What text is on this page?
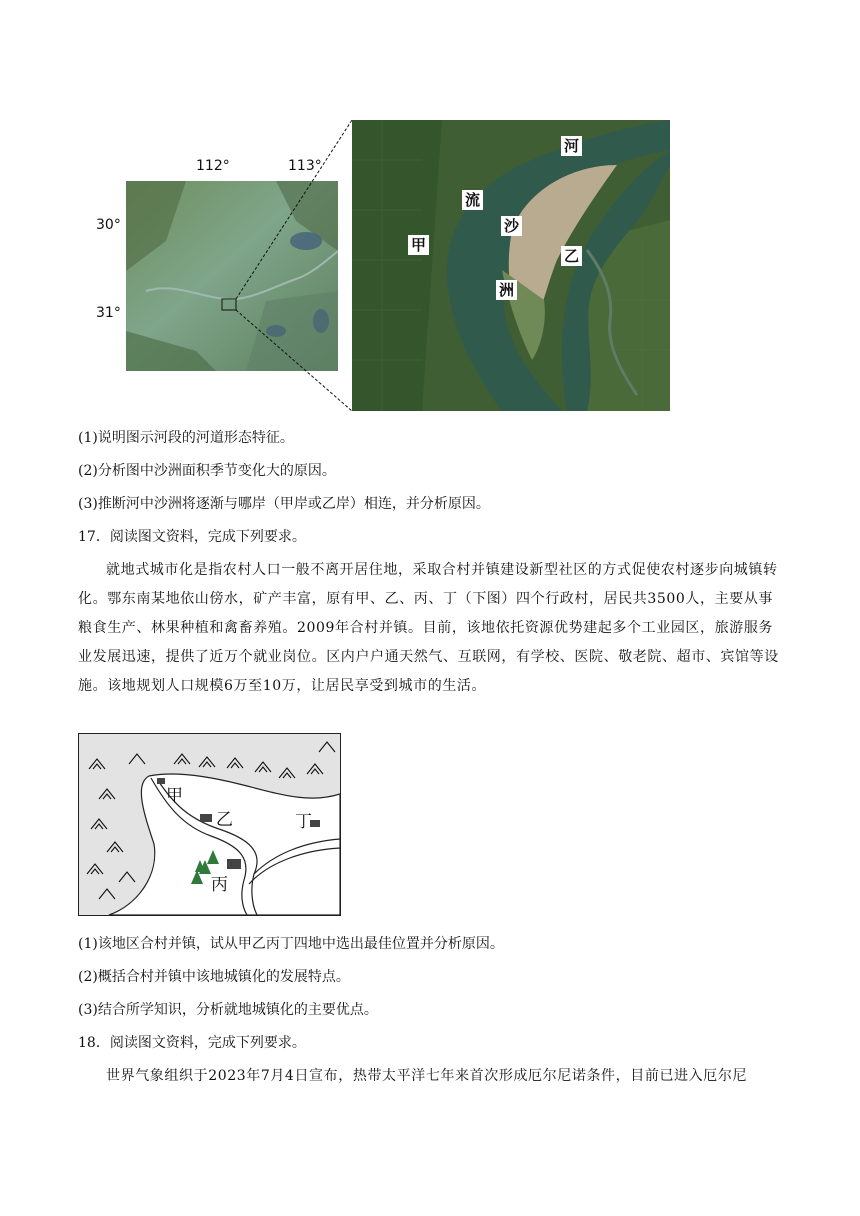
112°	113°
30°
31°
河
流
沙
甲
乙
洲
(1)说明图示河段的河道形态特征。
(2)分析图中沙洲面积季节变化大的原因。
(3)推断河中沙洲将逐渐与哪岸（甲岸或乙岸）相连，并分析原因。
17．阅读图文资料，完成下列要求。
就地式城市化是指农村人口一般不离开居住地，采取合村并镇建设新型社区的方式促使农村逐步向城镇转化。鄂东南某地依山傍水，矿产丰富，原有甲、乙、丙、丁（下图）四个行政村，居民共3500人，主要从事粮食生产、林果种植和禽畜养殖。2009年合村并镇。目前，该地依托资源优势建起多个工业园区，旅游服务业发展迅速，提供了近万个就业岗位。区内户户通天然气、互联网，有学校、医院、敬老院、超市、宾馆等设施。该地规划人口规模6万至10万，让居民享受到城市的生活。
甲
乙	丁
丙
(1)该地区合村并镇，试从甲乙丙丁四地中选出最佳位置并分析原因。
(2)概括合村并镇中该地城镇化的发展特点。
(3)结合所学知识，分析就地城镇化的主要优点。
18．阅读图文资料，完成下列要求。
世界气象组织于2023年7月4日宣布，热带太平洋七年来首次形成厄尔尼诺条件，目前已进入厄尔尼
